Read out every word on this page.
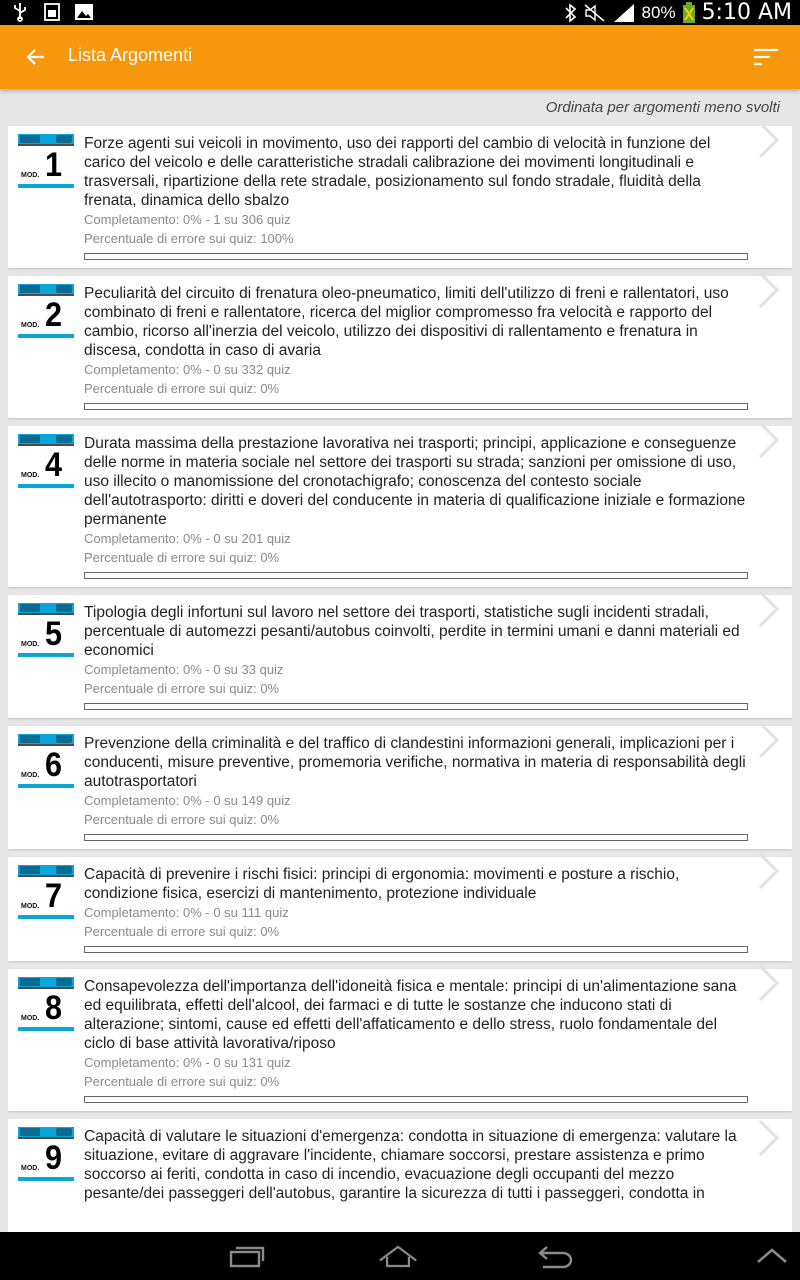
80% 5:10 AM
Lista Argomenti
Ordinata per argomenti meno svolti
MOD. 1
Forze agenti sui veicoli in movimento, uso dei rapporti del cambio di velocità in funzione del carico del veicolo e delle caratteristiche stradali calibrazione dei movimenti longitudinali e trasversali, ripartizione della rete stradale, posizionamento sul fondo stradale, fluidità della frenata, dinamica dello sbalzo
Completamento: 0% - 1 su 306 quiz
Percentuale di errore sui quiz: 100%
MOD. 2
Peculiarità del circuito di frenatura oleo-pneumatico, limiti dell'utilizzo di freni e rallentatori, uso combinato di freni e rallentatore, ricerca del miglior compromesso fra velocità e rapporto del cambio, ricorso all'inerzia del veicolo, utilizzo dei dispositivi di rallentamento e frenatura in discesa, condotta in caso di avaria
Completamento: 0% - 0 su 332 quiz
Percentuale di errore sui quiz: 0%
MOD. 4
Durata massima della prestazione lavorativa nei trasporti; principi, applicazione e conseguenze delle norme in materia sociale nel settore dei trasporti su strada; sanzioni per omissione di uso, uso illecito o manomissione del cronotachigrafo; conoscenza del contesto sociale dell'autotrasporto: diritti e doveri del conducente in materia di qualificazione iniziale e formazione permanente
Completamento: 0% - 0 su 201 quiz
Percentuale di errore sui quiz: 0%
MOD. 5
Tipologia degli infortuni sul lavoro nel settore dei trasporti, statistiche sugli incidenti stradali, percentuale di automezzi pesanti/autobus coinvolti, perdite in termini umani e danni materiali ed economici
Completamento: 0% - 0 su 33 quiz
Percentuale di errore sui quiz: 0%
MOD. 6
Prevenzione della criminalità e del traffico di clandestini informazioni generali, implicazioni per i conducenti, misure preventive, promemoria verifiche, normativa in materia di responsabilità degli autotrasportatori
Completamento: 0% - 0 su 149 quiz
Percentuale di errore sui quiz: 0%
MOD. 7
Capacità di prevenire i rischi fisici: principi di ergonomia: movimenti e posture a rischio, condizione fisica, esercizi di mantenimento, protezione individuale
Completamento: 0% - 0 su 111 quiz
Percentuale di errore sui quiz: 0%
MOD. 8
Consapevolezza dell'importanza dell'idoneità fisica e mentale: principi di un'alimentazione sana ed equilibrata, effetti dell'alcool, dei farmaci e di tutte le sostanze che inducono stati di alterazione; sintomi, cause ed effetti dell'affaticamento e dello stress, ruolo fondamentale del ciclo di base attività lavorativa/riposo
Completamento: 0% - 0 su 131 quiz
Percentuale di errore sui quiz: 0%
MOD. 9
Capacità di valutare le situazioni d'emergenza: condotta in situazione di emergenza: valutare la situazione, evitare di aggravare l'incidente, chiamare soccorsi, prestare assistenza e primo soccorso ai feriti, condotta in caso di incendio, evacuazione degli occupanti del mezzo pesante/dei passeggeri dell'autobus, garantire la sicurezza di tutti i passeggeri, condotta in
